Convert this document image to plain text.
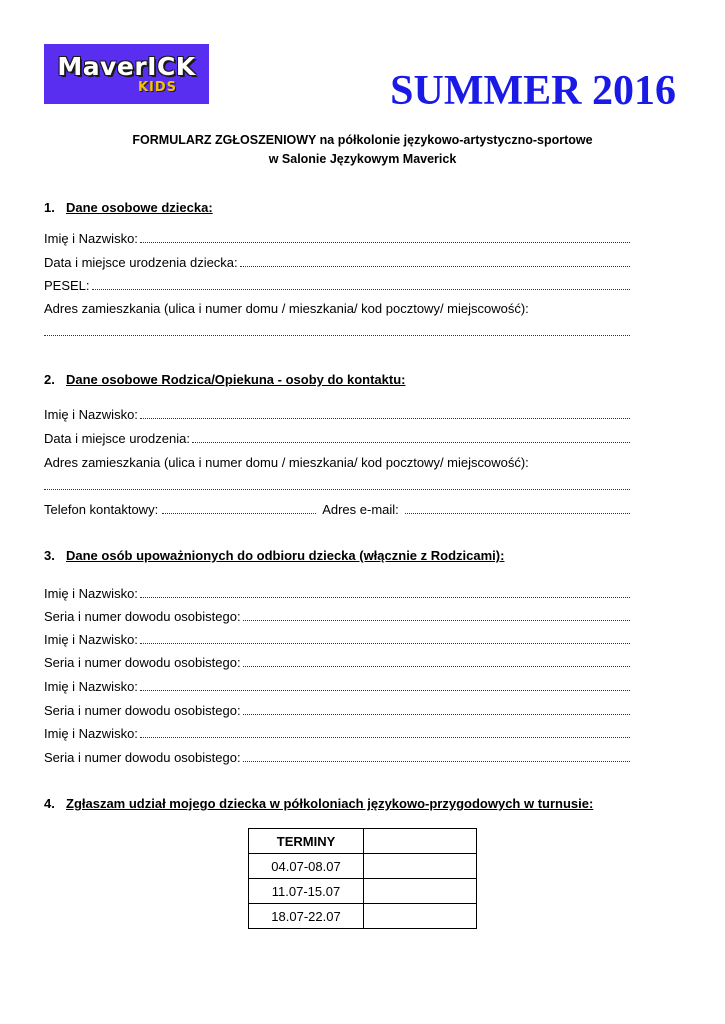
MaverICK
KIDS	SUMMER 2016
FORMULARZ ZGŁOSZENIOWY na półkolonie językowo-artystyczno-sportowe
w Salonie Językowym Maverick
1. Dane osobowe dziecka:
Imię i Nazwisko:
Data i miejsce urodzenia dziecka:
PESEL:
Adres zamieszkania (ulica i numer domu / mieszkania/ kod pocztowy/ miejscowość):
2. Dane osobowe Rodzica/Opiekuna - osoby do kontaktu:
Imię i Nazwisko:
Data i miejsce urodzenia:
Adres zamieszkania (ulica i numer domu / mieszkania/ kod pocztowy/ miejscowość):
Telefon kontaktowy:	Adres e-mail:
3. Dane osób upoważnionych do odbioru dziecka (włącznie z Rodzicami):
Imię i Nazwisko:
Seria i numer dowodu osobistego:
Imię i Nazwisko:
Seria i numer dowodu osobistego:
Imię i Nazwisko:
Seria i numer dowodu osobistego:
Imię i Nazwisko:
Seria i numer dowodu osobistego:
4. Zgłaszam udział mojego dziecka w półkoloniach językowo-przygodowych w turnusie:
TERMINY	
04.07-08.07	
11.07-15.07	
18.07-22.07	
